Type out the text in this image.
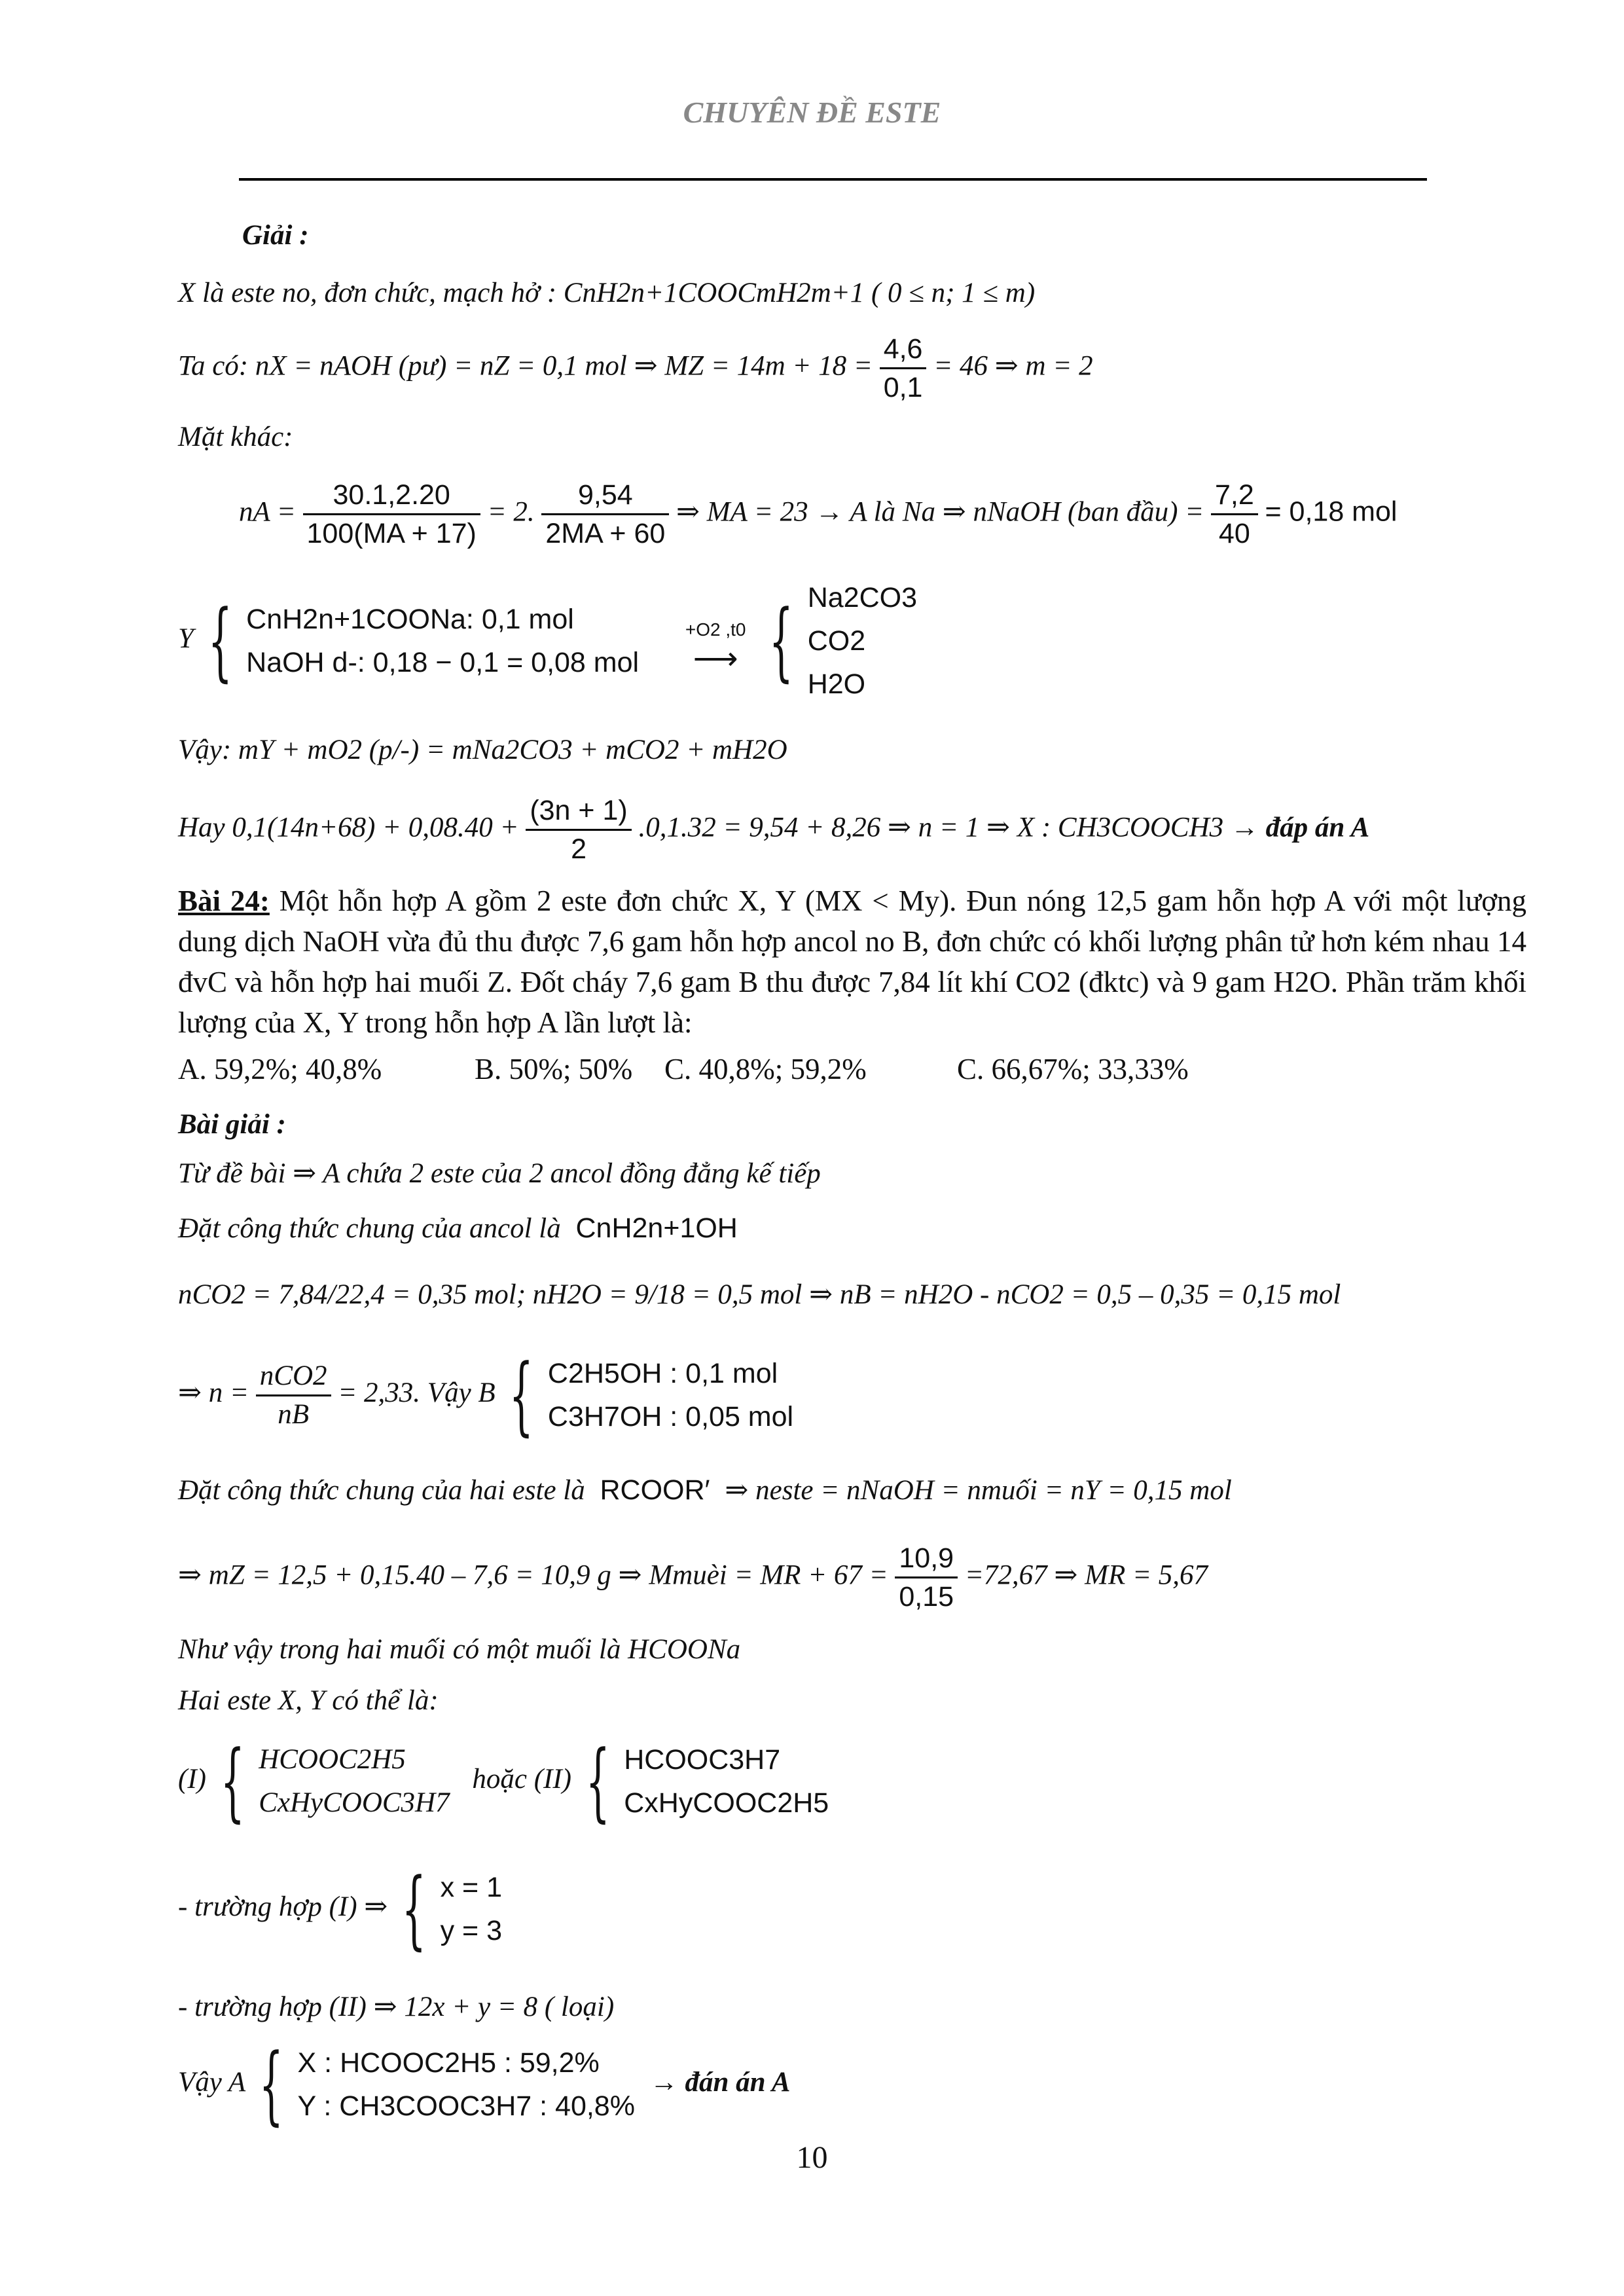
CHUYÊN ĐỀ ESTE
Giải :
X là este no, đơn chức, mạch hở : CnH2n+1COOCmH2m+1 ( 0 ≤ n; 1 ≤ m)
Ta có: nX = nAOH (pư) = nZ = 0,1 mol ⇒ MZ = $14m + 18 = \frac{4,6}{0,1} = 46$ ⇒ m = 2
Mặt khác:
nA = $\frac{30.1,2.20}{100(MA + 17)} = 2$. $\frac{9,54}{2MA + 60}$ ⇒ MA = 23 → A là Na ⇒ nNaOH (ban đầu) = $\frac{7,2}{40} = 0,18$ mol
Y { CnH2n+1COONa: 0,1 mol
NaOH d-: 0,18 − 0,1 = 0,08 mol

+O2 ,t0
⟶ { Na2CO3
CO2
H2O
Vậy: mY + mO2 (p/-) = mNa2CO3 + mCO2 + mH2O
Hay $0,1(14n+68) + 0,08.40 + \frac{(3n + 1)}{2} .0,1.32 = 9,54 + 8,26$ ⇒ n = 1 ⇒ X : CH3COOCH3 → đáp án A
Bài 24: Một hỗn hợp A gồm 2 este đơn chức X, Y (MX < My). Đun nóng 12,5 gam hỗn hợp A với một lượng dung dịch NaOH vừa đủ thu được 7,6 gam hỗn hợp ancol no B, đơn chức có khối lượng phân tử hơn kém nhau 14 đvC và hỗn hợp hai muối Z. Đốt cháy 7,6 gam B thu được 7,84 lít khí CO2 (đktc) và 9 gam H2O. Phần trăm khối lượng của X, Y trong hỗn hợp A lần lượt là:
A. 59,2%; 40,8%	B. 50%; 50% C. 40,8%; 59,2%	C. 66,67%; 33,33%
Bài giải :
Từ đề bài ⇒ A chứa 2 este của 2 ancol đồng đẳng kế tiếp
Đặt công thức chung của ancol là CnH2n+1OH
nCO2 = 7,84/22,4 = 0,35 mol; nH2O = 9/18 = 0,5 mol ⇒ nB = nH2O - nCO2 = 0,5 – 0,35 = 0,15 mol
⇒ $n = \frac{\text{nCO2}}{nB} = 2,33$. Vậy B { C2H5OH : 0,1 mol
C3H7OH : 0,05 mol
Đặt công thức chung của hai este là RCOOR′ ⇒ neste = nNaOH = nmuối = nY = 0,15 mol
⇒ mZ = 12,5 + 0,15.40 – 7,6 = 10,9 g ⇒ Mmuèi = MR + $67 = \frac{10,9}{0,15} =72,67$ ⇒ MR = 5,67
Như vậy trong hai muối có một muối là HCOONa
Hai este X, Y có thể là:
(I) { HCOOC2H5
CxHyCOOC3H7
hoặc (II) { HCOOC3H7
CxHyCOOC2H5
- trường hợp (I) ⇒ { x = 1
y = 3
- trường hợp (II) ⇒ 12x + y = 8 ( loại)
Vậy A { X : HCOOC2H5 : 59,2%
Y : CH3COOC3H7 : 40,8%
→ đán án A
10
